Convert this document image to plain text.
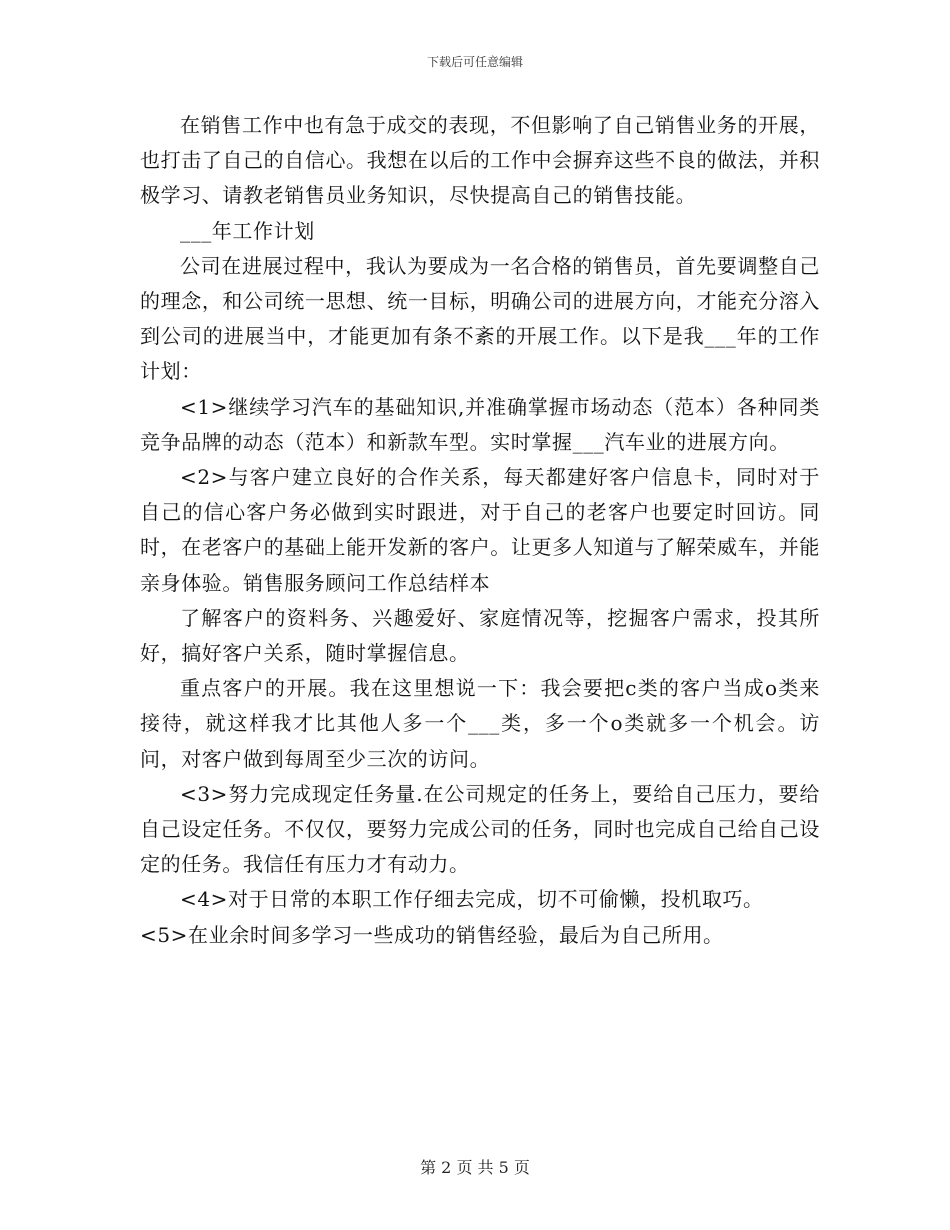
下载后可任意编辑

在销售工作中也有急于成交的表现，不但影响了自己销售业务的开展，也打击了自己的自信心。我想在以后的工作中会摒弃这些不良的做法，并积极学习、请教老销售员业务知识，尽快提高自己的销售技能。

___年工作计划

公司在进展过程中，我认为要成为一名合格的销售员，首先要调整自己的理念，和公司统一思想、统一目标，明确公司的进展方向，才能充分溶入到公司的进展当中，才能更加有条不紊的开展工作。以下是我___年的工作计划：

<1>继续学习汽车的基础知识,并准确掌握市场动态（范本）各种同类竞争品牌的动态（范本）和新款车型。实时掌握___汽车业的进展方向。

<2>与客户建立良好的合作关系，每天都建好客户信息卡，同时对于自己的信心客户务必做到实时跟进，对于自己的老客户也要定时回访。同时，在老客户的基础上能开发新的客户。让更多人知道与了解荣威车，并能亲身体验。销售服务顾问工作总结样本

了解客户的资料务、兴趣爱好、家庭情况等，挖掘客户需求，投其所好，搞好客户关系，随时掌握信息。

重点客户的开展。我在这里想说一下：我会要把c类的客户当成o类来接待，就这样我才比其他人多一个___类，多一个o类就多一个机会。访问，对客户做到每周至少三次的访问。

<3>努力完成现定任务量.在公司规定的任务上，要给自己压力，要给自己设定任务。不仅仅，要努力完成公司的任务，同时也完成自己给自己设定的任务。我信任有压力才有动力。

<4>对于日常的本职工作仔细去完成，切不可偷懒，投机取巧。

<5>在业余时间多学习一些成功的销售经验，最后为自己所用。

第 2 页 共 5 页
